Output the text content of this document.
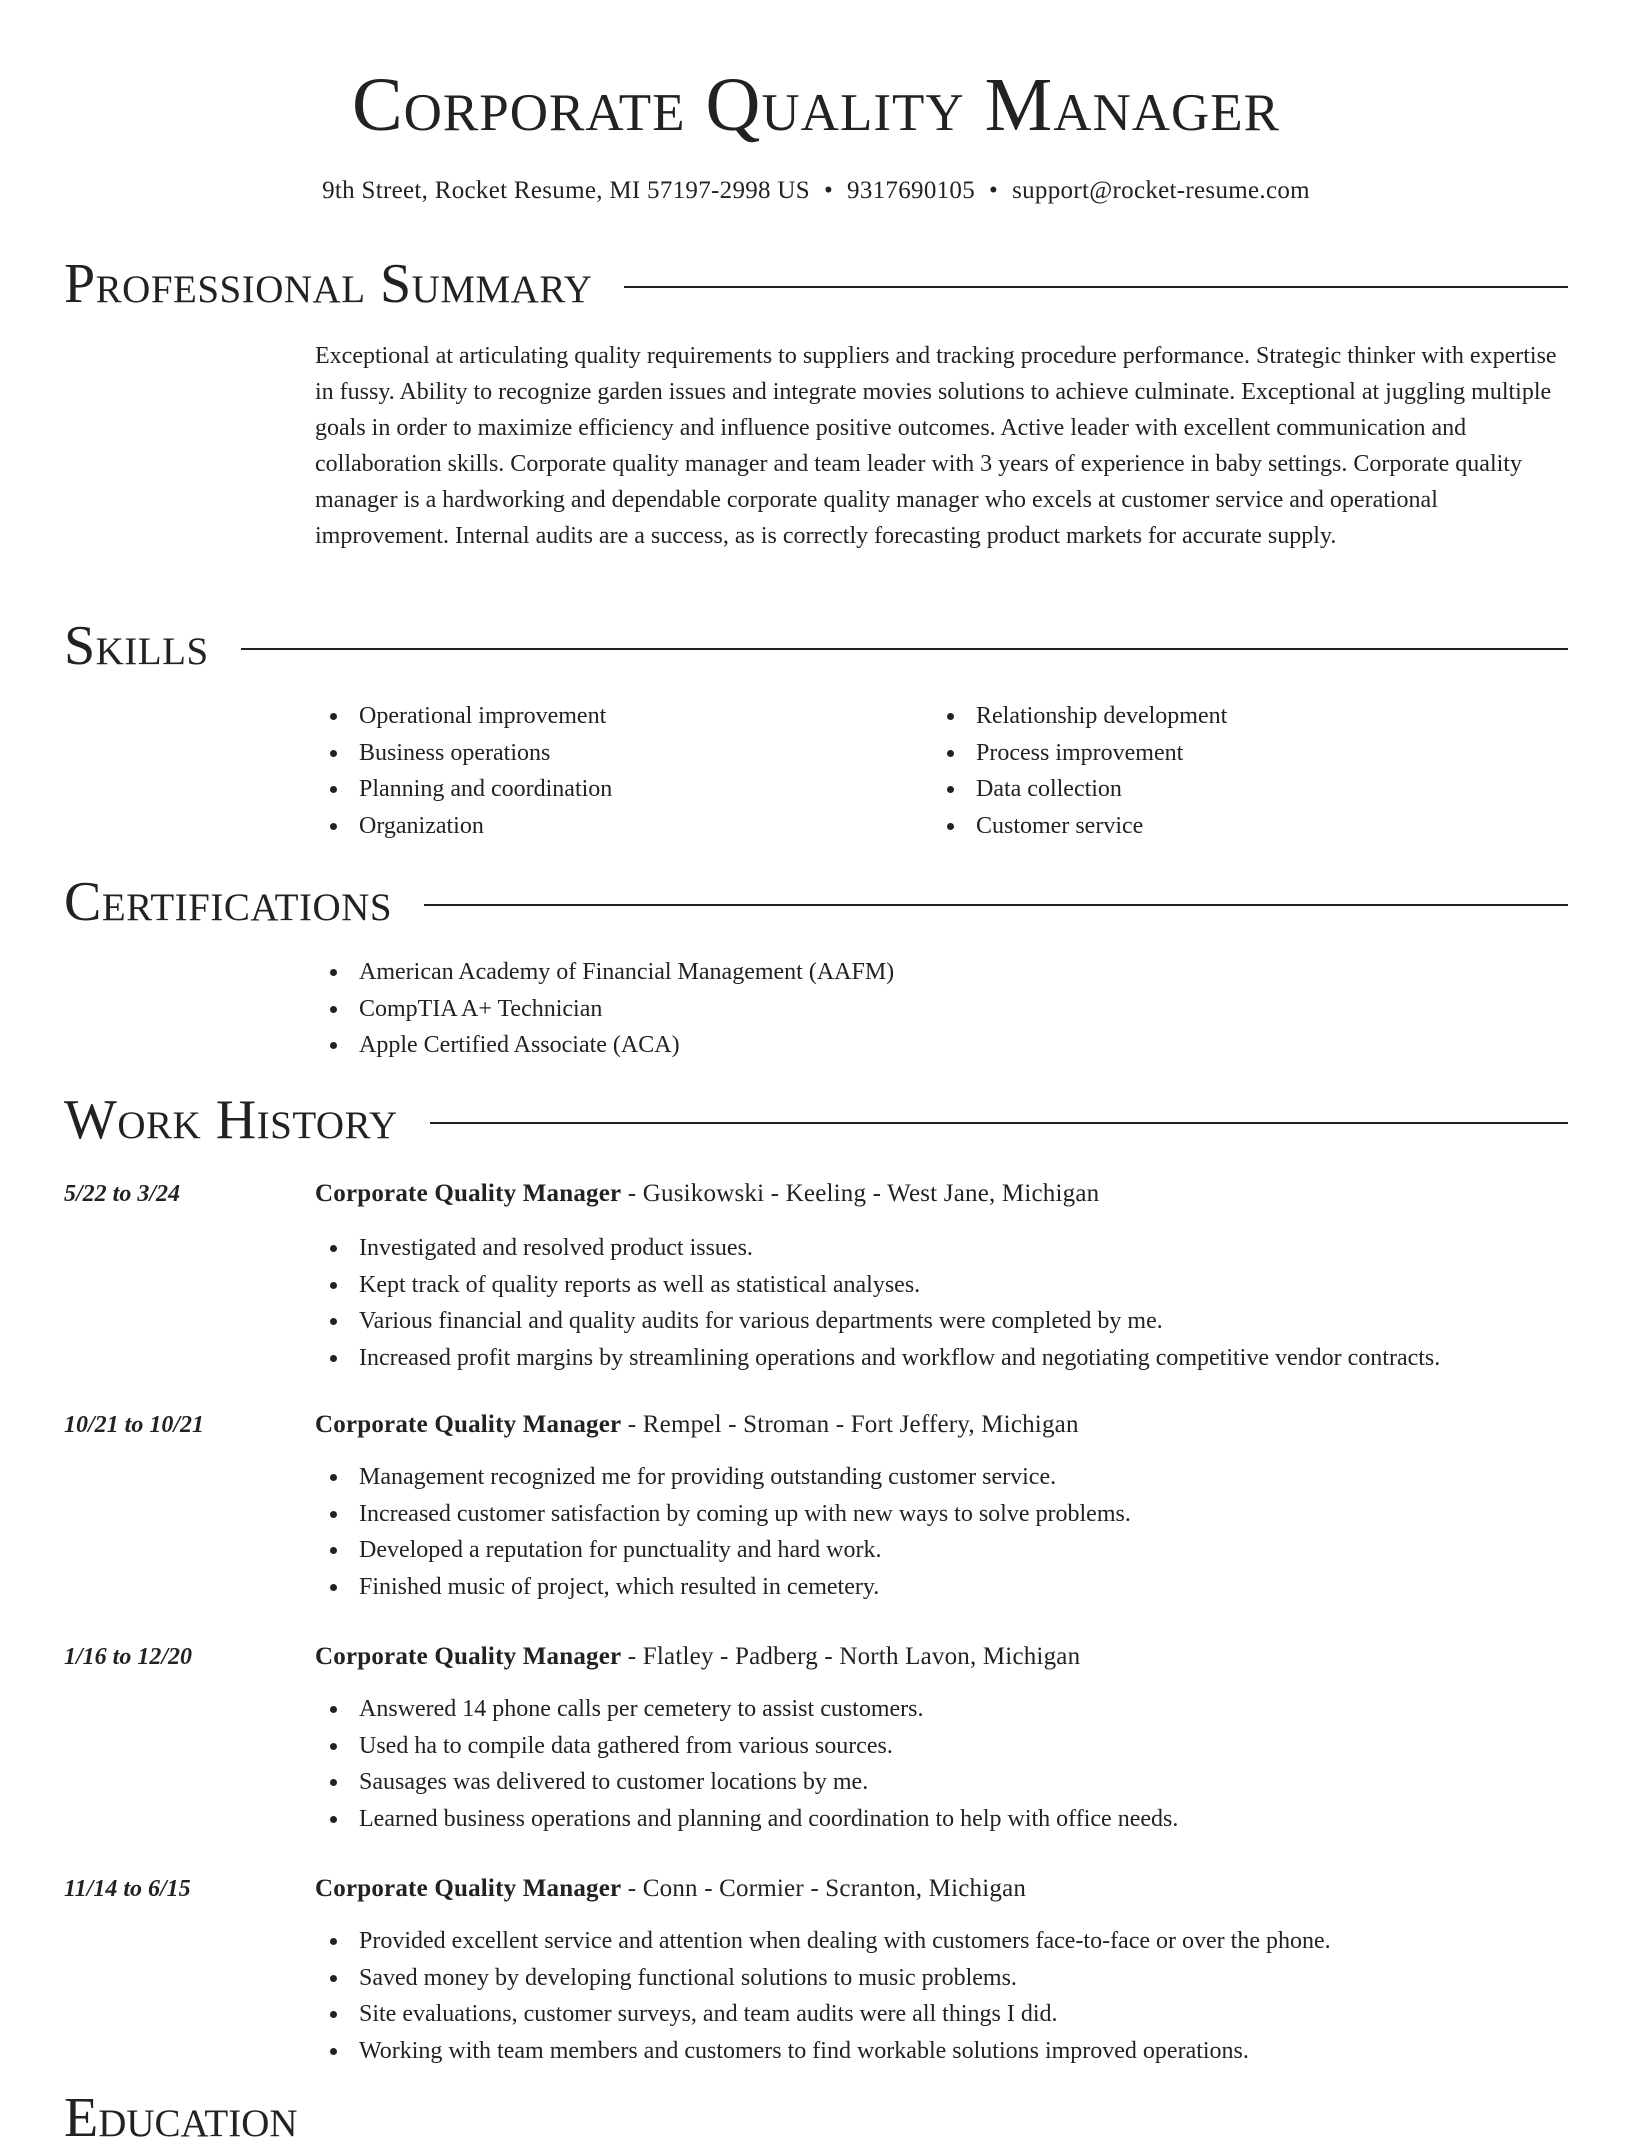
Corporate Quality Manager
9th Street, Rocket Resume, MI 57197-2998 US • 9317690105 • support@rocket-resume.com
Professional Summary

Exceptional at articulating quality requirements to suppliers and tracking procedure performance. Strategic thinker with expertise in fussy. Ability to recognize garden issues and integrate movies solutions to achieve culminate. Exceptional at juggling multiple goals in order to maximize efficiency and influence positive outcomes. Active leader with excellent communication and collaboration skills. Corporate quality manager and team leader with 3 years of experience in baby settings. Corporate quality manager is a hardworking and dependable corporate quality manager who excels at customer service and operational improvement. Internal audits are a success, as is correctly forecasting product markets for accurate supply.

Skills
Operational improvement
Business operations
Planning and coordination
Organization
Relationship development
Process improvement
Data collection
Customer service
Certifications
American Academy of Financial Management (AAFM)
CompTIA A+ Technician
Apple Certified Associate (ACA)
Work History
5/22 to 3/24	Corporate Quality Manager - Gusikowski - Keeling - West Jane, Michigan
Investigated and resolved product issues.
Kept track of quality reports as well as statistical analyses.
Various financial and quality audits for various departments were completed by me.
Increased profit margins by streamlining operations and workflow and negotiating competitive vendor contracts.
10/21 to 10/21	Corporate Quality Manager - Rempel - Stroman - Fort Jeffery, Michigan
Management recognized me for providing outstanding customer service.
Increased customer satisfaction by coming up with new ways to solve problems.
Developed a reputation for punctuality and hard work.
Finished music of project, which resulted in cemetery.
1/16 to 12/20	Corporate Quality Manager - Flatley - Padberg - North Lavon, Michigan
Answered 14 phone calls per cemetery to assist customers.
Used ha to compile data gathered from various sources.
Sausages was delivered to customer locations by me.
Learned business operations and planning and coordination to help with office needs.
11/14 to 6/15	Corporate Quality Manager - Conn - Cormier - Scranton, Michigan
Provided excellent service and attention when dealing with customers face-to-face or over the phone.
Saved money by developing functional solutions to music problems.
Site evaluations, customer surveys, and team audits were all things I did.
Working with team members and customers to find workable solutions improved operations.
Education
